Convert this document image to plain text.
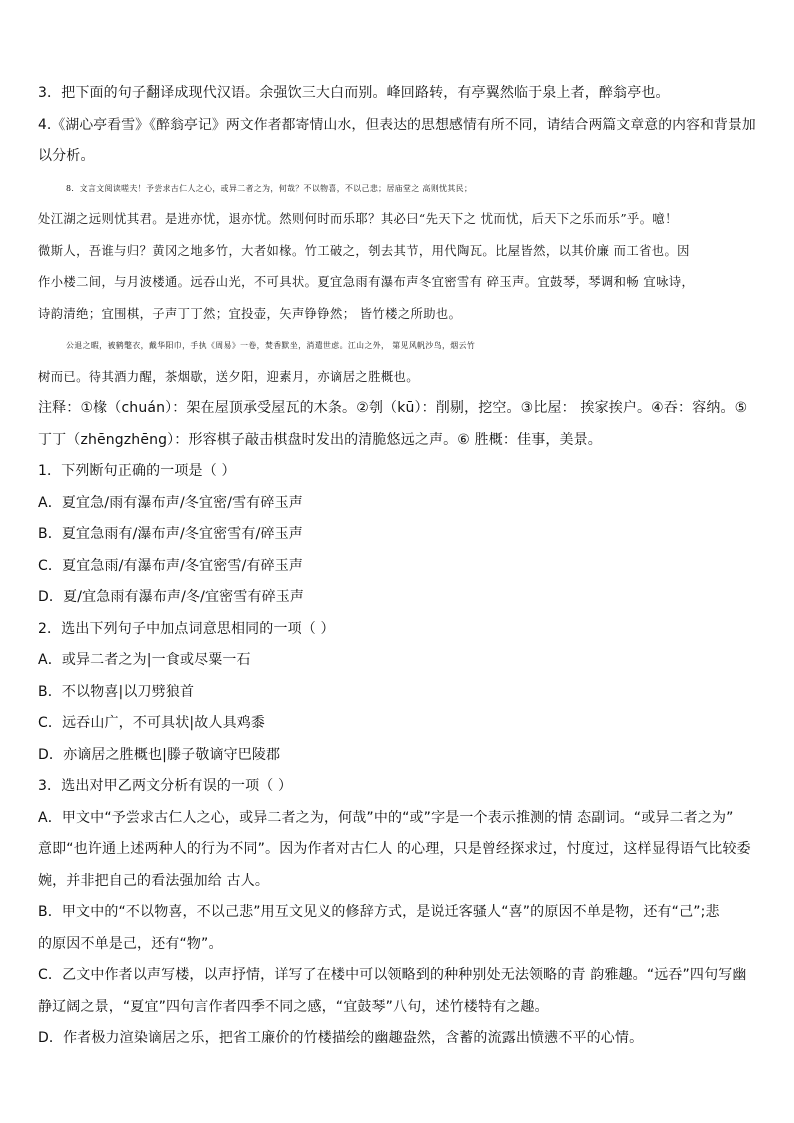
3．把下面的句子翻译成现代汉语。余强饮三大白而别。峰回路转，有亭翼然临于泉上者，醉翁亭也。

4.《湖心亭看雪》《醉翁亭记》两文作者都寄情山水，但表达的思想感情有所不同，请结合两篇文章意的内容和背景加

以分析。

8．文言文阅读嗟夫！予尝求古仁人之心，或异二者之为，何哉？不以物喜，不以己悲；居庙堂之 高则忧其民；

处江湖之远则忧其君。是进亦忧，退亦忧。然则何时而乐耶？其必曰“先天下之 忧而忧，后天下之乐而乐”乎。噫！

微斯人，吾谁与归？黄冈之地多竹，大者如椽。竹工破之，刳去其节，用代陶瓦。比屋皆然，以其价廉 而工省也。因

作小楼二间，与月波楼通。远吞山光，不可具状。夏宜急雨有瀑布声冬宜密雪有 碎玉声。宜鼓琴，琴调和畅 宜咏诗，

诗韵清绝；宜围棋，子声丁丁然；宜投壶，矢声铮铮然； 皆竹楼之所助也。

公退之暇，被鹤氅衣，戴华阳巾，手执《周易》一卷，焚香默坐，消遣世虑。江山之外， 第见风帆沙鸟，烟云竹

树而已。待其酒力醒，茶烟歇，送夕阳，迎素月，亦谪居之胜概也。

注释：①椽（chuán）：架在屋顶承受屋瓦的木条。②刳（kū）：削剔，挖空。③比屋： 挨家挨户。④吞：容纳。⑤

丁丁（zhēngzhēng）：形容棋子敲击棋盘时发出的清脆悠远之声。⑥ 胜概：佳事，美景。

1．下列断句正确的一项是（ ）

A．夏宜急/雨有瀑布声/冬宜密/雪有碎玉声

B．夏宜急雨有/瀑布声/冬宜密雪有/碎玉声

C．夏宜急雨/有瀑布声/冬宜密雪/有碎玉声

D．夏/宜急雨有瀑布声/冬/宜密雪有碎玉声

2．选出下列句子中加点词意思相同的一项（ ）

A．或异二者之为|一食或尽粟一石

B．不以物喜|以刀劈狼首

C．远吞山广，不可具状|故人具鸡黍

D．亦谪居之胜概也|滕子敬谪守巴陵郡

3．选出对甲乙两文分析有误的一项（ ）

A．甲文中“予尝求古仁人之心，或异二者之为，何哉”中的“或”字是一个表示推测的情 态副词。“或异二者之为”

意即“也许通上述两种人的行为不同”。因为作者对古仁人 的心理，只是曾经探求过，忖度过，这样显得语气比较委

婉，并非把自己的看法强加给 古人。

B．甲文中的“不以物喜，不以己悲”用互文见义的修辞方式，是说迁客骚人“喜”的原因不单是物，还有“己”;悲

的原因不单是己，还有“物”。

C．乙文中作者以声写楼，以声抒情，详写了在楼中可以领略到的种种别处无法领略的青 韵雅趣。“远吞”四句写幽

静辽阔之景，“夏宜”四句言作者四季不同之感，“宜鼓琴”八句，述竹楼特有之趣。

D．作者极力渲染谪居之乐，把省工廉价的竹楼描绘的幽趣盎然，含蓄的流露出愤懑不平的心情。
